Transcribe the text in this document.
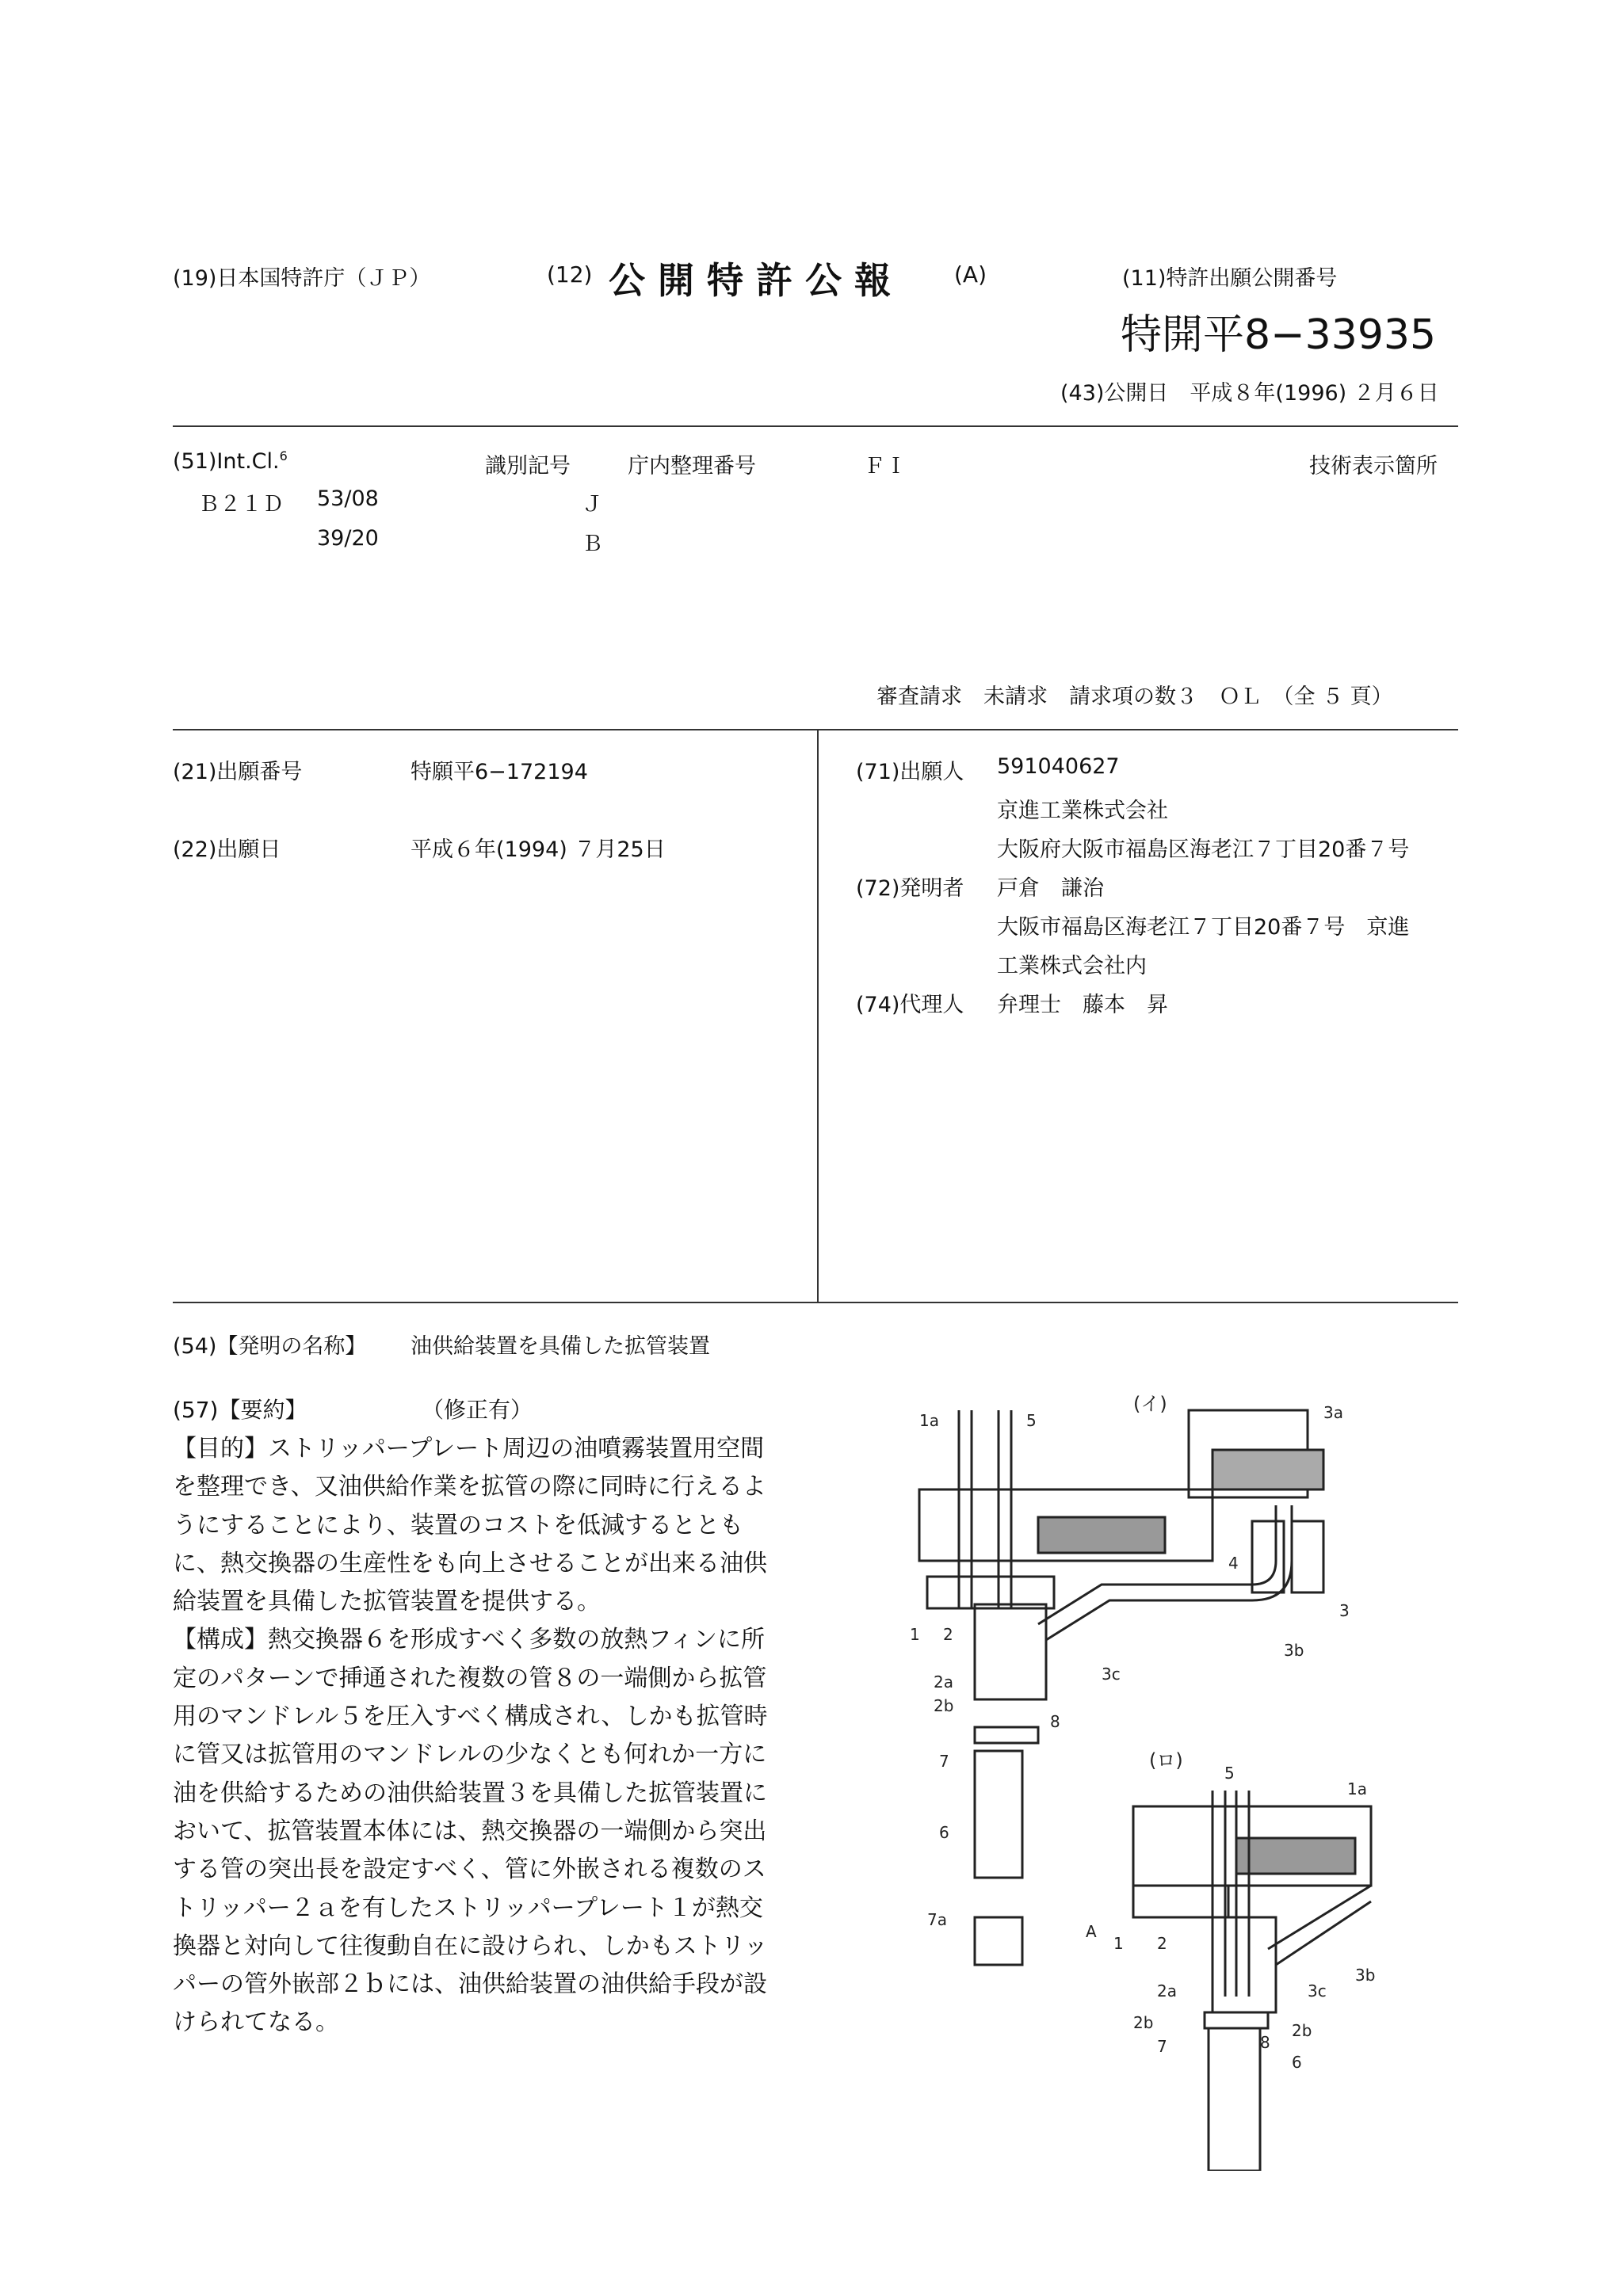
(19)日本国特許庁（ＪＰ）	(12) 公 開 特 許 公 報	(A)	(11)特許出願公開番号
特開平8−33935
(43)公開日　平成８年(1996) ２月６日
(51)Int.Cl.$^6$	識別記号	庁内整理番号	ＦＩ	技術表示箇所
Ｂ２１Ｄ 53/08	Ｊ
39/20	Ｂ
審査請求　未請求　請求項の数３　ＯＬ　（全 ５ 頁）
(21)出願番号	特願平6−172194
(22)出願日	平成６年(1994) ７月25日
(71)出願人 591040627
京進工業株式会社
大阪府大阪市福島区海老江７丁目20番７号
(72)発明者 戸倉　謙治
大阪市福島区海老江７丁目20番７号　京進
工業株式会社内
(74)代理人 弁理士　藤本　昇
(54)【発明の名称】 油供給装置を具備した拡管装置
(57)【要約】	（修正有）

【目的】ストリッパープレート周辺の油噴霧装置用空間を整理でき、又油供給作業を拡管の際に同時に行えるようにすることにより、装置のコストを低減するとともに、熱交換器の生産性をも向上させることが出来る油供給装置を具備した拡管装置を提供する。

【構成】熱交換器６を形成すべく多数の放熱フィンに所定のパターンで挿通された複数の管８の一端側から拡管用のマンドレル５を圧入すべく構成され、しかも拡管時に管又は拡管用のマンドレルの少なくとも何れか一方に油を供給するための油供給装置３を具備した拡管装置において、拡管装置本体には、熱交換器の一端側から突出する管の突出長を設定すべく、管に外嵌される複数のストリッパー２ａを有したストリッパープレート１が熱交換器と対向して往復動自在に設けられ、しかもストリッパーの管外嵌部２ｂには、油供給装置の油供給手段が設けられてなる。

(イ)
1a	5	3a
4
3
1 2
3b
3c
2a
2b
8
7
6
7a
(ロ)
5
1a
A
1 2
3b
2a	3c
2b	2b
7	8
6
